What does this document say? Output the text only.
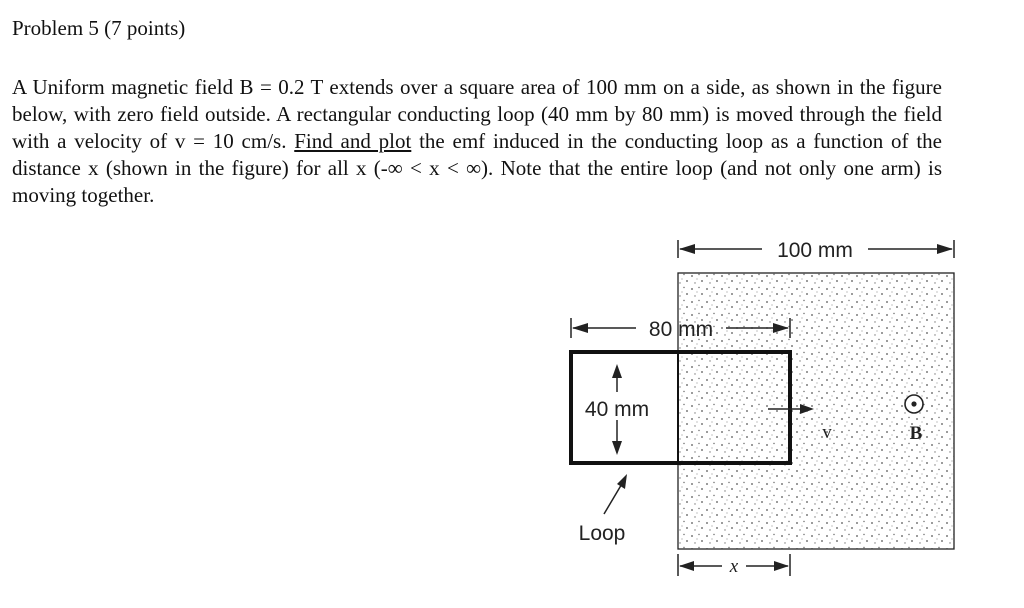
Problem 5 (7 points)
A Uniform magnetic field B = 0.2 T extends over a square area of 100 mm on a side, as shown in the figure below, with zero field outside. A rectangular conducting loop (40 mm by 80 mm) is moved through the field with a velocity of v = 10 cm/s. Find and plot the emf induced in the conducting loop as a function of the distance x (shown in the figure) for all x (-∞ < x < ∞). Note that the entire loop (and not only one arm) is moving together.
100 mm
80 mm
40 mm
Loop
v	B
x
